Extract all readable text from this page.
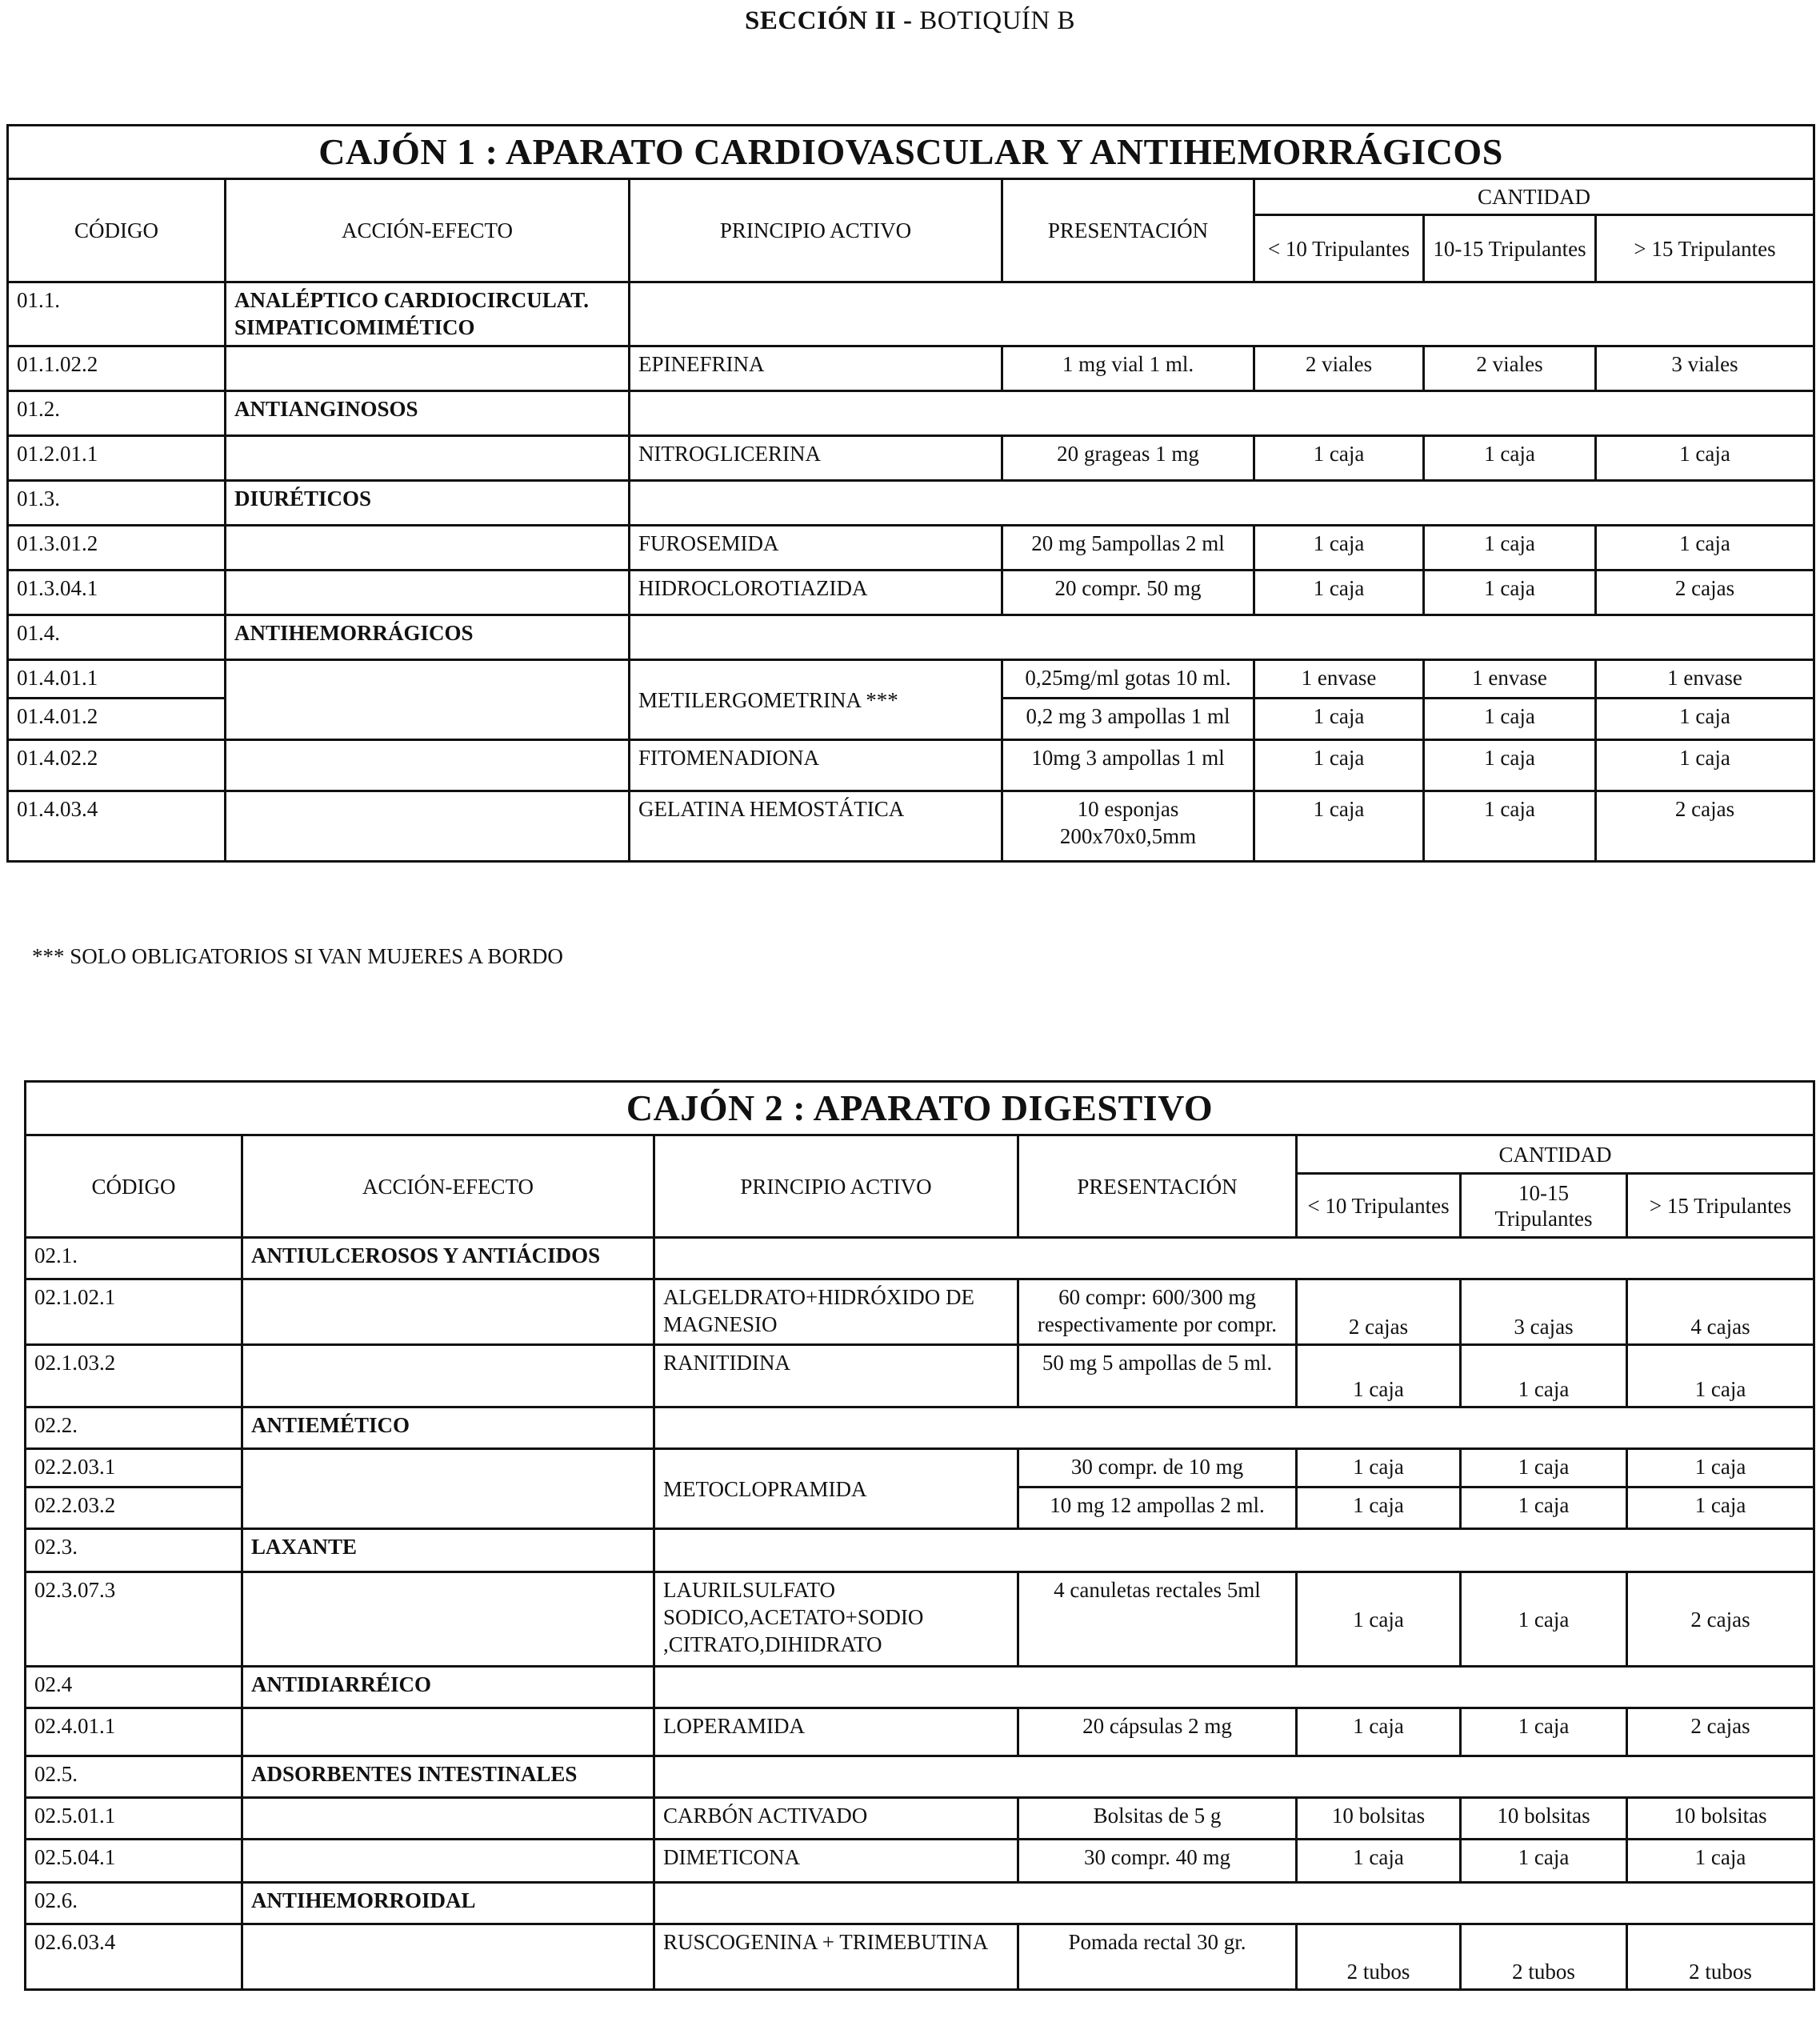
SECCIÓN II - BOTIQUÍN B
CAJÓN 1 : APARATO CARDIOVASCULAR Y ANTIHEMORRÁGICOS						
CÓDIGO	ACCIÓN-EFECTO	PRINCIPIO ACTIVO	PRESENTACIÓN	CANTIDAD		
				< 10 Tripulantes	10-15 Tripulantes	> 15 Tripulantes
01.1.	ANALÉPTICO CARDIOCIRCULAT. SIMPATICOMIMÉTICO					
01.1.02.2		EPINEFRINA	1 mg vial 1 ml.	2 viales	2 viales	3 viales
01.2.	ANTIANGINOSOS					
01.2.01.1		NITROGLICERINA	20 grageas 1 mg	1 caja	1 caja	1 caja
01.3.	DIURÉTICOS					
01.3.01.2		FUROSEMIDA	20 mg 5ampollas 2 ml	1 caja	1 caja	1 caja
01.3.04.1		HIDROCLOROTIAZIDA	20 compr. 50 mg	1 caja	1 caja	2 cajas
01.4.	ANTIHEMORRÁGICOS					
01.4.01.1		METILERGOMETRINA ***	0,25mg/ml gotas 10 ml.	1 envase	1 envase	1 envase
01.4.01.2			0,2 mg 3 ampollas 1 ml	1 caja	1 caja	1 caja
01.4.02.2		FITOMENADIONA	10mg 3 ampollas 1 ml	1 caja	1 caja	1 caja
01.4.03.4		GELATINA HEMOSTÁTICA	10 esponjas 200x70x0,5mm	1 caja	1 caja	2 cajas
*** SOLO OBLIGATORIOS SI VAN MUJERES A BORDO
CAJÓN 2 : APARATO DIGESTIVO						
CÓDIGO	ACCIÓN-EFECTO	PRINCIPIO ACTIVO	PRESENTACIÓN	CANTIDAD		
				< 10 Tripulantes	10-15 Tripulantes	> 15 Tripulantes
02.1.	ANTIULCEROSOS Y ANTIÁCIDOS					
02.1.02.1		ALGELDRATO+HIDRÓXIDO DE MAGNESIO	60 compr: 600/300 mg respectivamente por compr.	2 cajas	3 cajas	4 cajas
02.1.03.2		RANITIDINA	50 mg 5 ampollas de 5 ml.	1 caja	1 caja	1 caja
02.2.	ANTIEMÉTICO					
02.2.03.1		METOCLOPRAMIDA	30 compr. de 10 mg	1 caja	1 caja	1 caja
02.2.03.2			10 mg 12 ampollas 2 ml.	1 caja	1 caja	1 caja
02.3.	LAXANTE					
02.3.07.3		LAURILSULFATO SODICO,ACETATO+SODIO ,CITRATO,DIHIDRATO	4 canuletas rectales 5ml	1 caja	1 caja	2 cajas
02.4	ANTIDIARRÉICO					
02.4.01.1		LOPERAMIDA	20 cápsulas 2 mg	1 caja	1 caja	2 cajas
02.5.	ADSORBENTES INTESTINALES					
02.5.01.1		CARBÓN ACTIVADO	Bolsitas de 5 g	10 bolsitas	10 bolsitas	10 bolsitas
02.5.04.1		DIMETICONA	30 compr. 40 mg	1 caja	1 caja	1 caja
02.6.	ANTIHEMORROIDAL					
02.6.03.4		RUSCOGENINA + TRIMEBUTINA	Pomada rectal 30 gr.	2 tubos	2 tubos	2 tubos
